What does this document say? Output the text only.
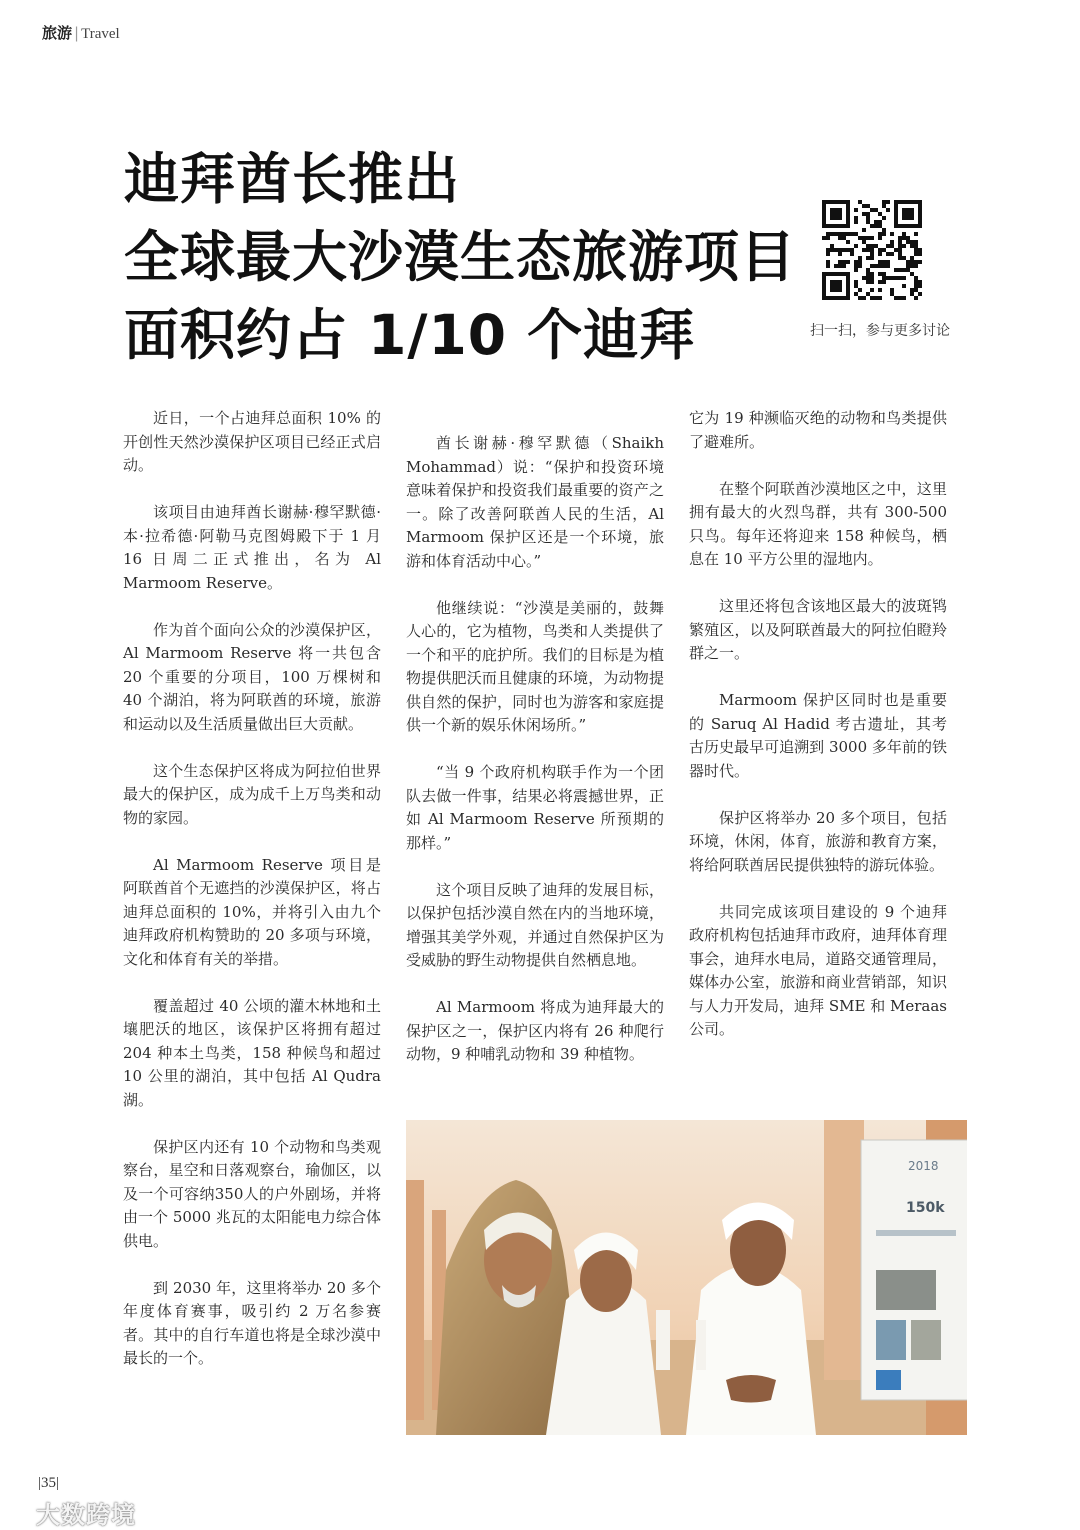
旅游 | Travel
迪拜酋长推出
全球最大沙漠生态旅游项目
面积约占 1/10 个迪拜	扫一扫，参与更多讨论

近日，一个占迪拜总面积 10% 的开创性天然沙漠保护区项目已经正式启动。

该项目由迪拜酋长谢赫·穆罕默德·本·拉希德·阿勒马克图姆殿下于 1 月 16 日周二正式推出，名为 Al Marmoom Reserve。

作为首个面向公众的沙漠保护区，Al Marmoom Reserve 将一共包含 20 个重要的分项目，100 万棵树和 40 个湖泊，将为阿联酋的环境，旅游和运动以及生活质量做出巨大贡献。

这个生态保护区将成为阿拉伯世界最大的保护区，成为成千上万鸟类和动物的家园。

Al Marmoom Reserve 项目是阿联酋首个无遮挡的沙漠保护区，将占迪拜总面积的 10%，并将引入由九个迪拜政府机构赞助的 20 多项与环境，文化和体育有关的举措。

覆盖超过 40 公顷的灌木林地和土壤肥沃的地区，该保护区将拥有超过 204 种本土鸟类，158 种候鸟和超过 10 公里的湖泊，其中包括 Al Qudra 湖。

保护区内还有 10 个动物和鸟类观察台，星空和日落观察台，瑜伽区，以及一个可容纳350人的户外剧场，并将由一个 5000 兆瓦的太阳能电力综合体供电。

到 2030 年，这里将举办 20 多个年度体育赛事，吸引约 2 万名参赛者。其中的自行车道也将是全球沙漠中最长的一个。

酋长谢赫·穆罕默德（Shaikh Mohammad）说：“保护和投资环境意味着保护和投资我们最重要的资产之一。除了改善阿联酋人民的生活，Al Marmoom 保护区还是一个环境，旅游和体育活动中心。”

他继续说：“沙漠是美丽的，鼓舞人心的，它为植物，鸟类和人类提供了一个和平的庇护所。我们的目标是为植物提供肥沃而且健康的环境，为动物提供自然的保护，同时也为游客和家庭提供一个新的娱乐休闲场所。”

“当 9 个政府机构联手作为一个团队去做一件事，结果必将震撼世界，正如 Al Marmoom Reserve 所预期的那样。”

这个项目反映了迪拜的发展目标，以保护包括沙漠自然在内的当地环境，增强其美学外观，并通过自然保护区为受威胁的野生动物提供自然栖息地。

Al Marmoom 将成为迪拜最大的保护区之一，保护区内将有 26 种爬行动物，9 种哺乳动物和 39 种植物。

它为 19 种濒临灭绝的动物和鸟类提供了避难所。

在整个阿联酋沙漠地区之中，这里拥有最大的火烈鸟群，共有 300-500 只鸟。每年还将迎来 158 种候鸟，栖息在 10 平方公里的湿地内。

这里还将包含该地区最大的波斑鸨繁殖区，以及阿联酋最大的阿拉伯瞪羚群之一。

Marmoom 保护区同时也是重要的 Saruq Al Hadid 考古遗址，其考古历史最早可追溯到 3000 多年前的铁器时代。

保护区将举办 20 多个项目，包括环境，休闲，体育，旅游和教育方案，将给阿联酋居民提供独特的游玩体验。

共同完成该项目建设的 9 个迪拜政府机构包括迪拜市政府，迪拜体育理事会，迪拜水电局，道路交通管理局，媒体办公室，旅游和商业营销部，知识与人力开发局，迪拜 SME 和 Meraas 公司。

2018
150k
|35|
大数跨境
